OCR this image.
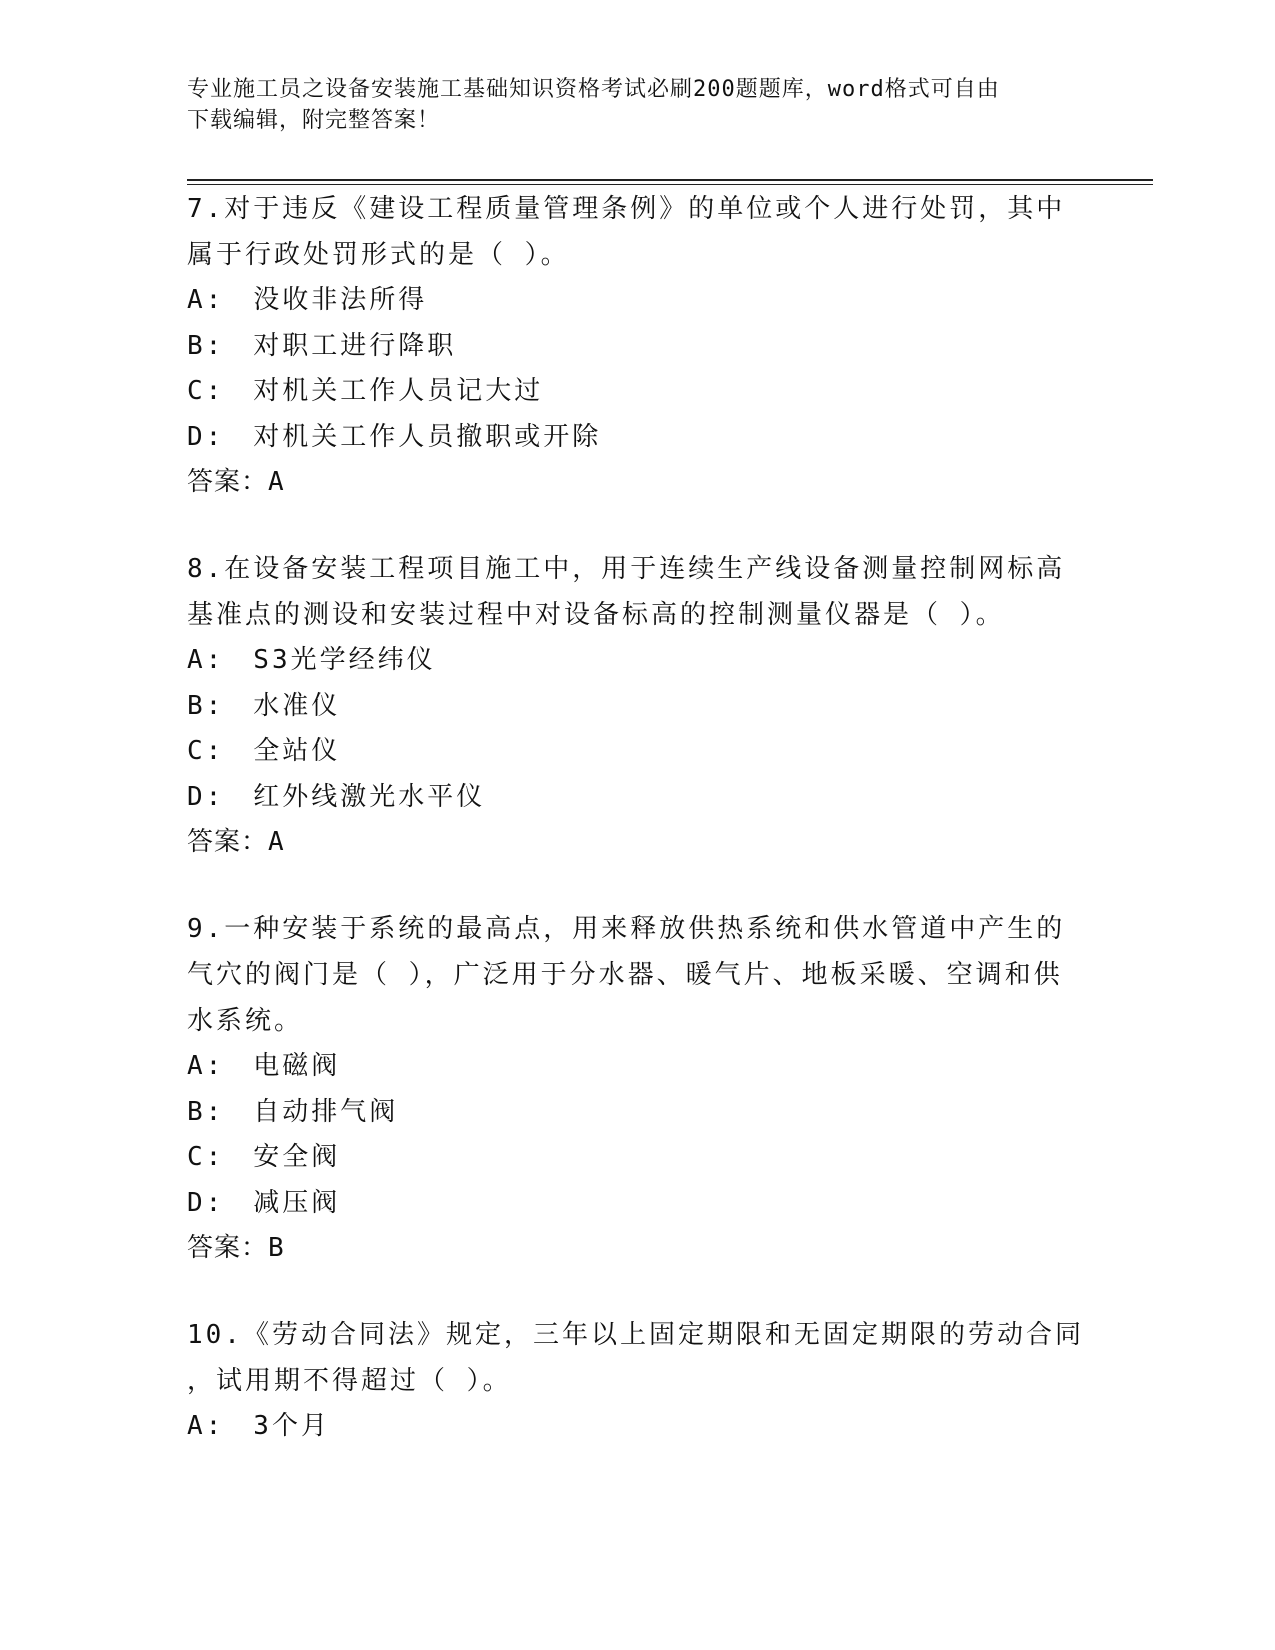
专业施工员之设备安装施工基础知识资格考试必刷200题题库，word格式可自由
下载编辑，附完整答案！
7.对于违反《建设工程质量管理条例》的单位或个人进行处罚，其中
属于行政处罚形式的是（ ）。
A:　没收非法所得
B:　对职工进行降职
C:　对机关工作人员记大过
D:　对机关工作人员撤职或开除
答案：A
8.在设备安装工程项目施工中，用于连续生产线设备测量控制网标高
基准点的测设和安装过程中对设备标高的控制测量仪器是（ ）。
A:　S3光学经纬仪
B:　水准仪
C:　全站仪
D:　红外线激光水平仪
答案：A
9.一种安装于系统的最高点，用来释放供热系统和供水管道中产生的
气穴的阀门是（ ），广泛用于分水器、暖气片、地板采暖、空调和供
水系统。
A:　电磁阀
B:　自动排气阀
C:　安全阀
D:　减压阀
答案：B
10.《劳动合同法》规定，三年以上固定期限和无固定期限的劳动合同
，试用期不得超过（ ）。
A:　3个月
